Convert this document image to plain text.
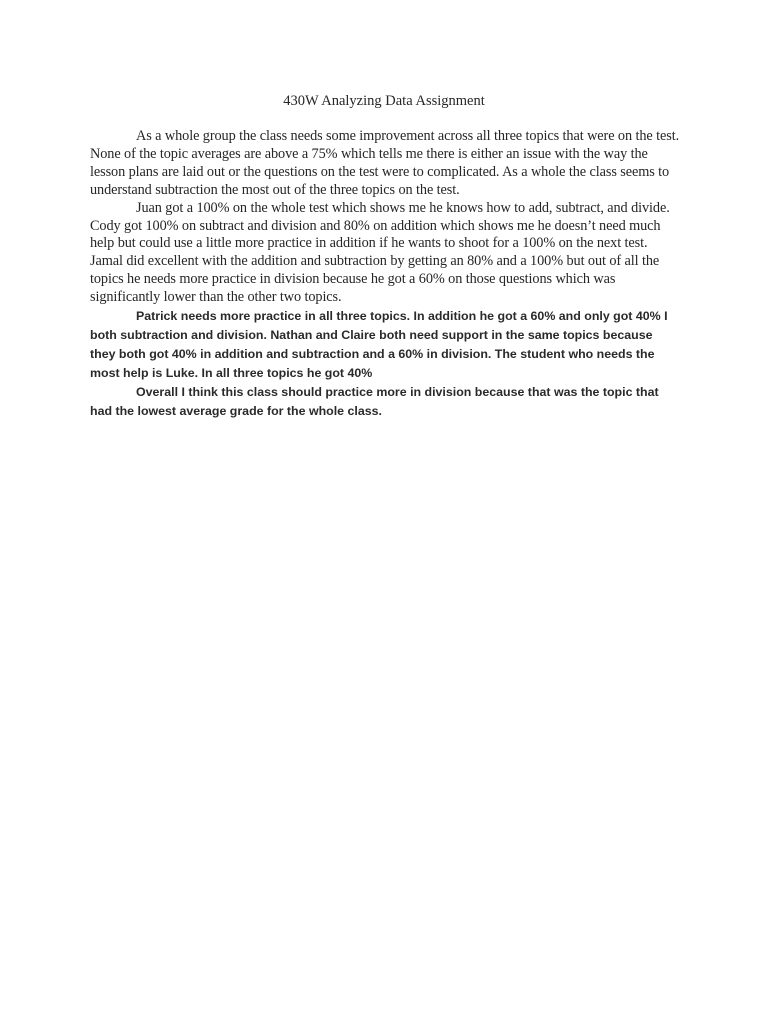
430W Analyzing Data Assignment

As a whole group the class needs some improvement across all three topics that were on the test. None of the topic averages are above a 75% which tells me there is either an issue with the way the lesson plans are laid out or the questions on the test were to complicated. As a whole the class seems to understand subtraction the most out of the three topics on the test.

Juan got a 100% on the whole test which shows me he knows how to add, subtract, and divide. Cody got 100% on subtract and division and 80% on addition which shows me he doesn’t need much help but could use a little more practice in addition if he wants to shoot for a 100% on the next test. Jamal did excellent with the addition and subtraction by getting an 80% and a 100% but out of all the topics he needs more practice in division because he got a 60% on those questions which was significantly lower than the other two topics.

Patrick needs more practice in all three topics. In addition he got a 60% and only got 40% I both subtraction and division. Nathan and Claire both need support in the same topics because they both got 40% in addition and subtraction and a 60% in division. The student who needs the most help is Luke. In all three topics he got 40%

Overall I think this class should practice more in division because that was the topic that had the lowest average grade for the whole class.
